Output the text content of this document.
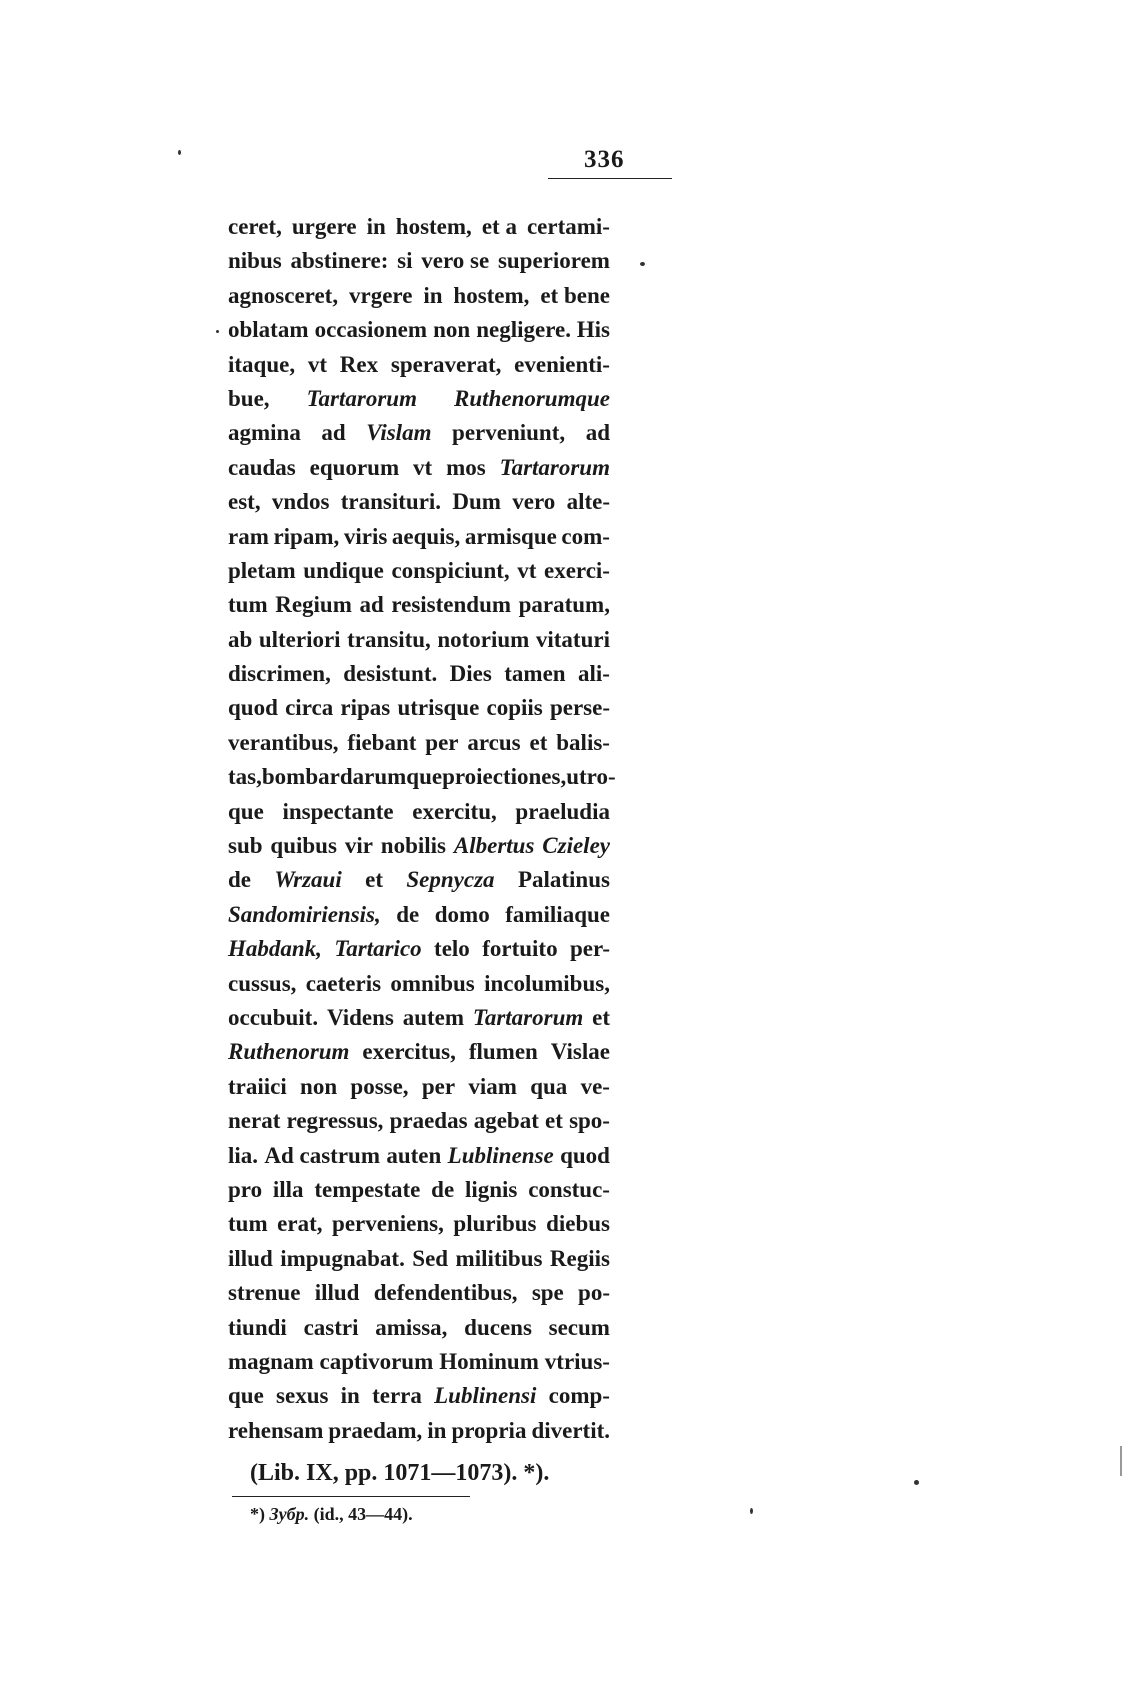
336
ceret, urgere in hostem, et a certami-
nibus abstinere: si vero se superiorem
agnosceret, vrgere in hostem, et bene
oblatam occasionem non negligere. His
itaque, vt Rex speraverat, evenienti-
bue, Tartarorum Ruthenorumque
agmina ad Vislam perveniunt, ad
caudas equorum vt mos Tartarorum
est, vndos transituri. Dum vero alte-
ram ripam, viris aequis, armisque com-
pletam undique conspiciunt, vt exerci-
tum Regium ad resistendum paratum,
ab ulteriori transitu, notorium vitaturi
discrimen, desistunt. Dies tamen ali-
quod circa ripas utrisque copiis perse-
verantibus, fiebant per arcus et balis-
tas, bombardarumque proiectiones, utro-
que inspectante exercitu, praeludia
sub quibus vir nobilis Albertus Czieley
de Wrzaui et Sepnycza Palatinus
Sandomiriensis, de domo familiaque
Habdank, Tartarico telo fortuito per-
cussus, caeteris omnibus incolumibus,
occubuit. Videns autem Tartarorum et
Ruthenorum exercitus, flumen Vislae
traiici non posse, per viam qua ve-
nerat regressus, praedas agebat et spo-
lia. Ad castrum auten Lublinense quod
pro illa tempestate de lignis constuc-
tum erat, perveniens, pluribus diebus
illud impugnabat. Sed militibus Regiis
strenue illud defendentibus, spe po-
tiundi castri amissa, ducens secum
magnam captivorum Hominum vtrius-
que sexus in terra Lublinensi comp-
rehensam praedam, in propria divertit.
(Lib. IX, pp. 1071—1073). *).
*) Зубр. (id., 43—44).
